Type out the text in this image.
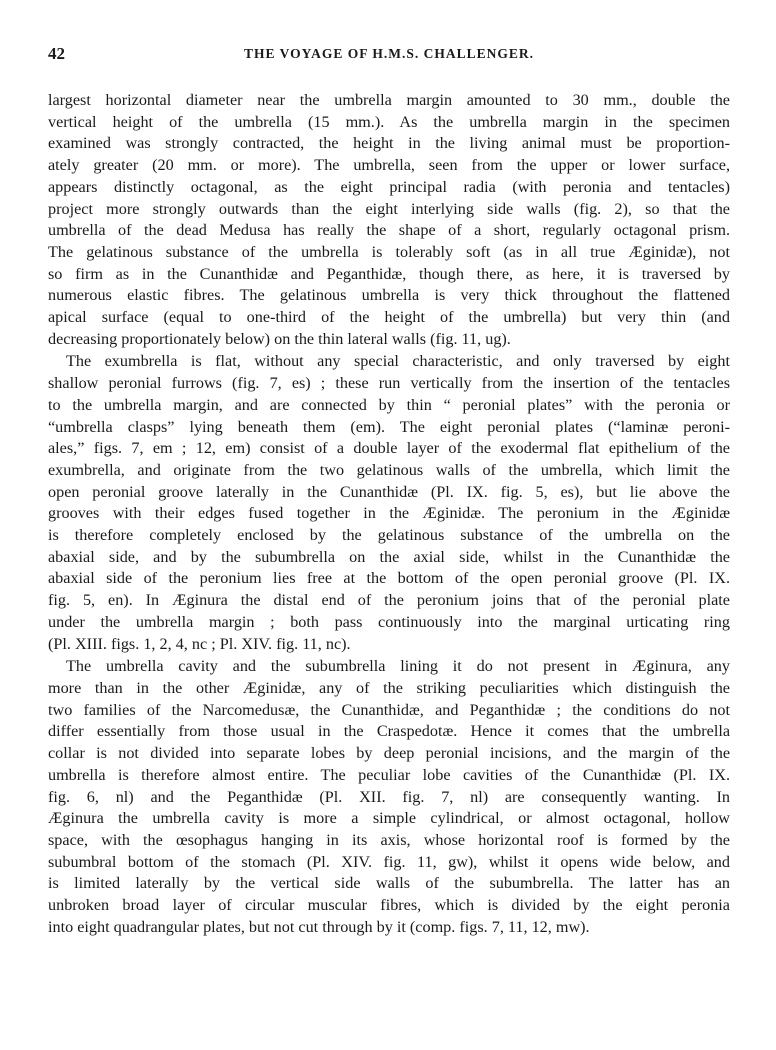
42	THE VOYAGE OF H.M.S. CHALLENGER.

largest horizontal diameter near the umbrella margin amounted to 30 mm., double the
vertical height of the umbrella (15 mm.). As the umbrella margin in the specimen
examined was strongly contracted, the height in the living animal must be proportion-
ately greater (20 mm. or more). The umbrella, seen from the upper or lower surface,
appears distinctly octagonal, as the eight principal radia (with peronia and tentacles)
project more strongly outwards than the eight interlying side walls (fig. 2), so that the
umbrella of the dead Medusa has really the shape of a short, regularly octagonal prism.
The gelatinous substance of the umbrella is tolerably soft (as in all true Æginidæ), not
so firm as in the Cunanthidæ and Peganthidæ, though there, as here, it is traversed by
numerous elastic fibres. The gelatinous umbrella is very thick throughout the flattened
apical surface (equal to one-third of the height of the umbrella) but very thin (and
decreasing proportionately below) on the thin lateral walls (fig. 11, ug).

The exumbrella is flat, without any special characteristic, and only traversed by eight
shallow peronial furrows (fig. 7, es) ; these run vertically from the insertion of the tentacles
to the umbrella margin, and are connected by thin “ peronial plates” with the peronia or
“umbrella clasps” lying beneath them (em). The eight peronial plates (“laminæ peroni-
ales,” figs. 7, em ; 12, em) consist of a double layer of the exodermal flat epithelium of the
exumbrella, and originate from the two gelatinous walls of the umbrella, which limit the
open peronial groove laterally in the Cunanthidæ (Pl. IX. fig. 5, es), but lie above the
grooves with their edges fused together in the Æginidæ. The peronium in the Æginidæ
is therefore completely enclosed by the gelatinous substance of the umbrella on the
abaxial side, and by the subumbrella on the axial side, whilst in the Cunanthidæ the
abaxial side of the peronium lies free at the bottom of the open peronial groove (Pl. IX.
fig. 5, en). In Æginura the distal end of the peronium joins that of the peronial plate
under the umbrella margin ; both pass continuously into the marginal urticating ring
(Pl. XIII. figs. 1, 2, 4, nc ; Pl. XIV. fig. 11, nc).

The umbrella cavity and the subumbrella lining it do not present in Æginura, any
more than in the other Æginidæ, any of the striking peculiarities which distinguish the
two families of the Narcomedusæ, the Cunanthidæ, and Peganthidæ ; the conditions do not
differ essentially from those usual in the Craspedotæ. Hence it comes that the umbrella
collar is not divided into separate lobes by deep peronial incisions, and the margin of the
umbrella is therefore almost entire. The peculiar lobe cavities of the Cunanthidæ (Pl. IX.
fig. 6, nl) and the Peganthidæ (Pl. XII. fig. 7, nl) are consequently wanting. In
Æginura the umbrella cavity is more a simple cylindrical, or almost octagonal, hollow
space, with the œsophagus hanging in its axis, whose horizontal roof is formed by the
subumbral bottom of the stomach (Pl. XIV. fig. 11, gw), whilst it opens wide below, and
is limited laterally by the vertical side walls of the subumbrella. The latter has an
unbroken broad layer of circular muscular fibres, which is divided by the eight peronia
into eight quadrangular plates, but not cut through by it (comp. figs. 7, 11, 12, mw).
